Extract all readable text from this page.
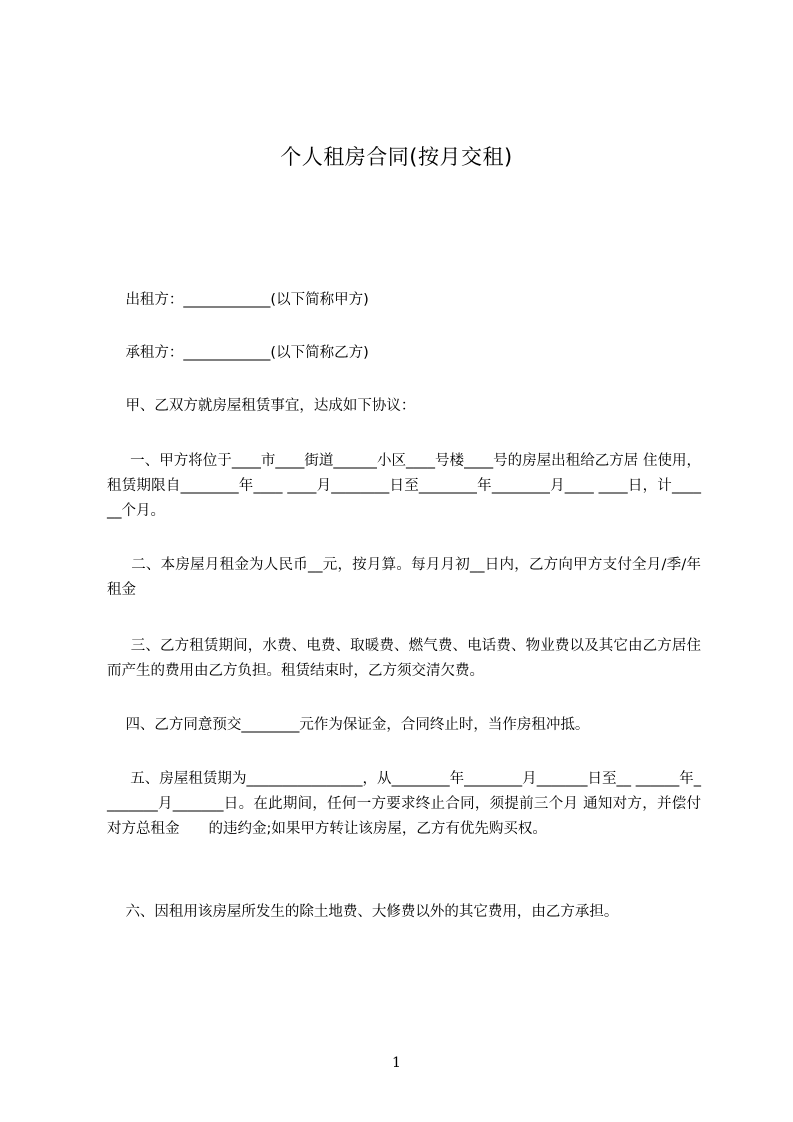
个人租房合同(按月交租)
出租方：____________(以下简称甲方)
承租方：____________(以下简称乙方)
甲、乙双方就房屋租赁事宜，达成如下协议：
一、甲方将位于____市____街道______小区____号楼____号的房屋出租给乙方居 住使用，租赁期限自________年____ ____月________日至________年________月____ ____日，计______个月。
二、本房屋月租金为人民币__元，按月算。每月月初__日内，乙方向甲方支付全月/季/年租金
三、乙方租赁期间，水费、电费、取暖费、燃气费、电话费、物业费以及其它由乙方居住而产生的费用由乙方负担。租赁结束时，乙方须交清欠费。
四、乙方同意预交________元作为保证金，合同终止时，当作房租冲抵。
五、房屋租赁期为________________，从________年________月_______日至__ ______年________月_______日。在此期间，任何一方要求终止合同，须提前三个月 通知对方，并偿付对方总租金　　的违约金;如果甲方转让该房屋，乙方有优先购买权。
六、因租用该房屋所发生的除土地费、大修费以外的其它费用，由乙方承担。
1
